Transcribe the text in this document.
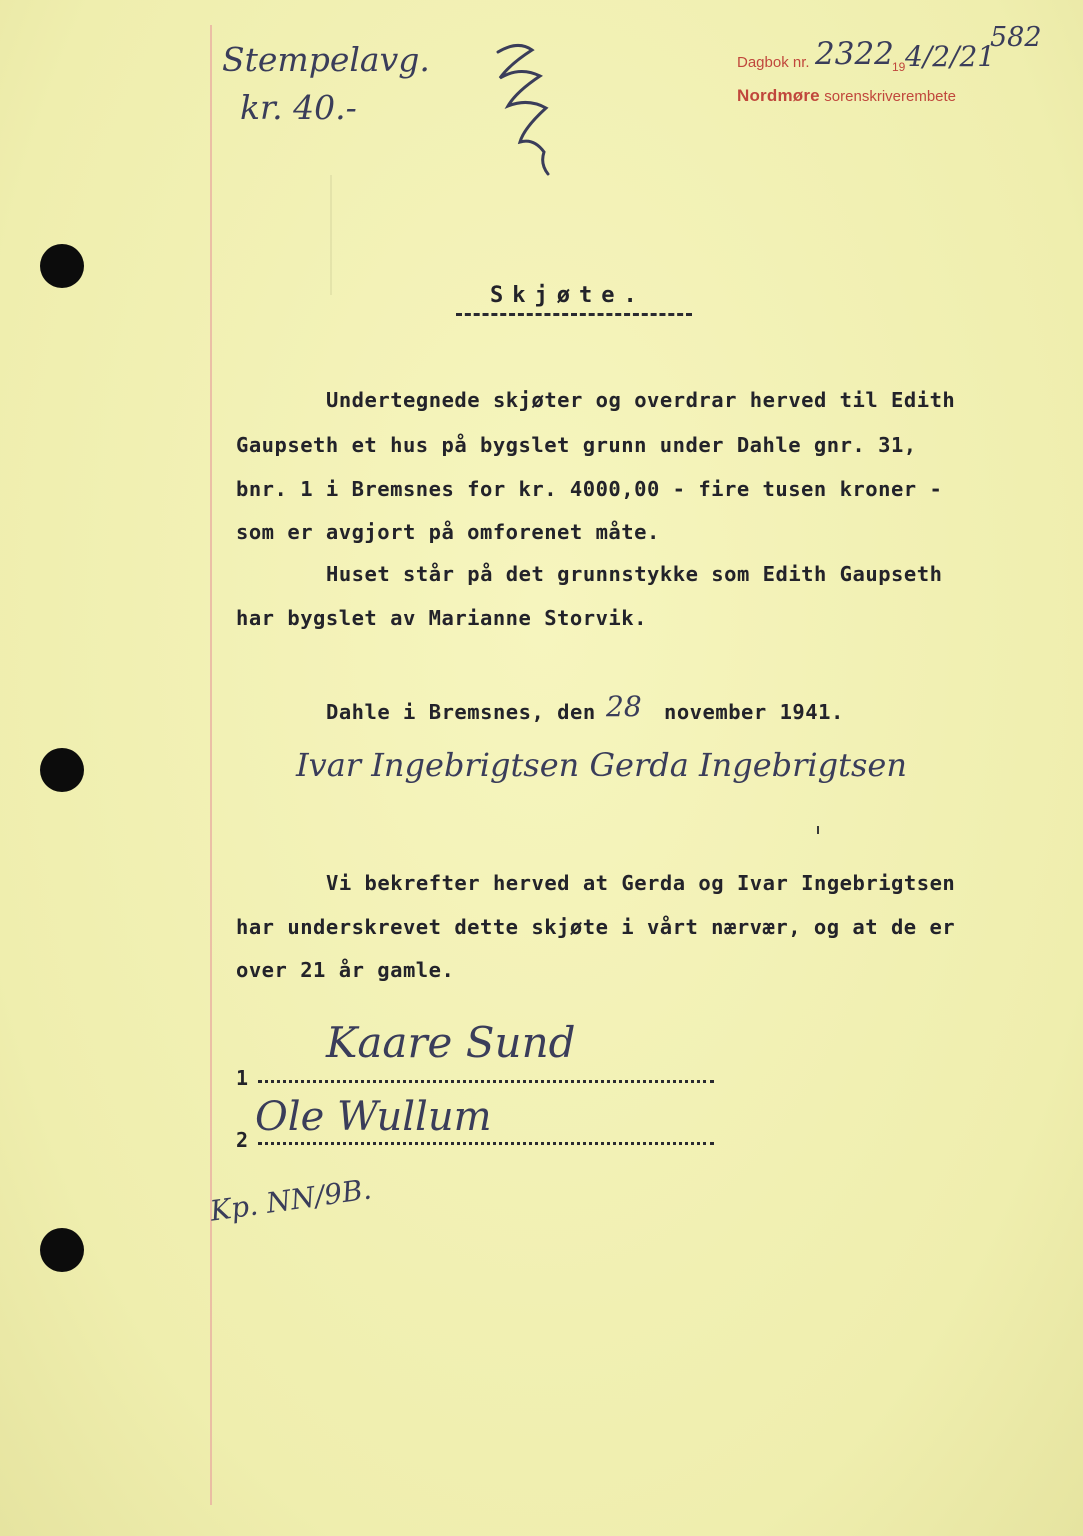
Stempelavg.
kr. 40.-
Dagbok nr. 2322
19 4/2/21
582
Nordmøre sorenskriverembete
Skjøte.
Undertegnede skjøter og overdrar herved til Edith
Gaupseth et hus på bygslet grunn under Dahle gnr. 31,
bnr. 1 i Bremsnes for kr. 4000,00 - fire tusen kroner -
som er avgjort på omforenet måte.
Huset står på det grunnstykke som Edith Gaupseth
har bygslet av Marianne Storvik.
Dahle i Bremsnes, den 28 november 1941.
Ivar Ingebrigtsen Gerda Ingebrigtsen
Vi bekrefter herved at Gerda og Ivar Ingebrigtsen
har underskrevet dette skjøte i vårt nærvær, og at de er
over 21 år gamle.
Kaare Sund
1
Ole Wullum
2
Kp. NN/9B.
